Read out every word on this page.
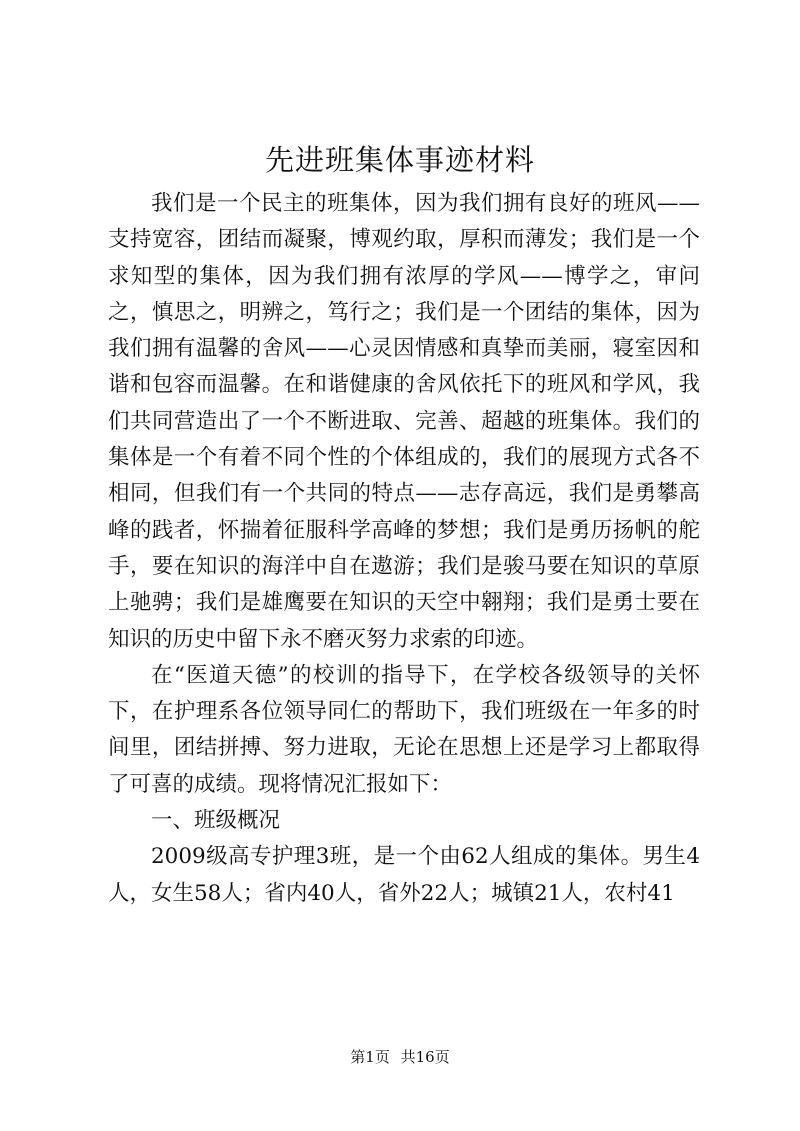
先进班集体事迹材料

我们是一个民主的班集体，因为我们拥有良好的班风——支持宽容，团结而凝聚，博观约取，厚积而薄发；我们是一个求知型的集体，因为我们拥有浓厚的学风——博学之，审问之，慎思之，明辨之，笃行之；我们是一个团结的集体，因为我们拥有温馨的舍风——心灵因情感和真挚而美丽，寝室因和谐和包容而温馨。在和谐健康的舍风依托下的班风和学风，我们共同营造出了一个不断进取、完善、超越的班集体。我们的集体是一个有着不同个性的个体组成的，我们的展现方式各不相同，但我们有一个共同的特点——志存高远，我们是勇攀高峰的践者，怀揣着征服科学高峰的梦想；我们是勇历扬帆的舵手，要在知识的海洋中自在遨游；我们是骏马要在知识的草原上驰骋；我们是雄鹰要在知识的天空中翱翔；我们是勇士要在知识的历史中留下永不磨灭努力求索的印迹。

在“医道天德”的校训的指导下，在学校各级领导的关怀下，在护理系各位领导同仁的帮助下，我们班级在一年多的时间里，团结拼搏、努力进取，无论在思想上还是学习上都取得了可喜的成绩。现将情况汇报如下：

一、班级概况

2009级高专护理3班，是一个由62人组成的集体。男生4人，女生58人；省内40人，省外22人；城镇21人，农村41

第1页 共16页
